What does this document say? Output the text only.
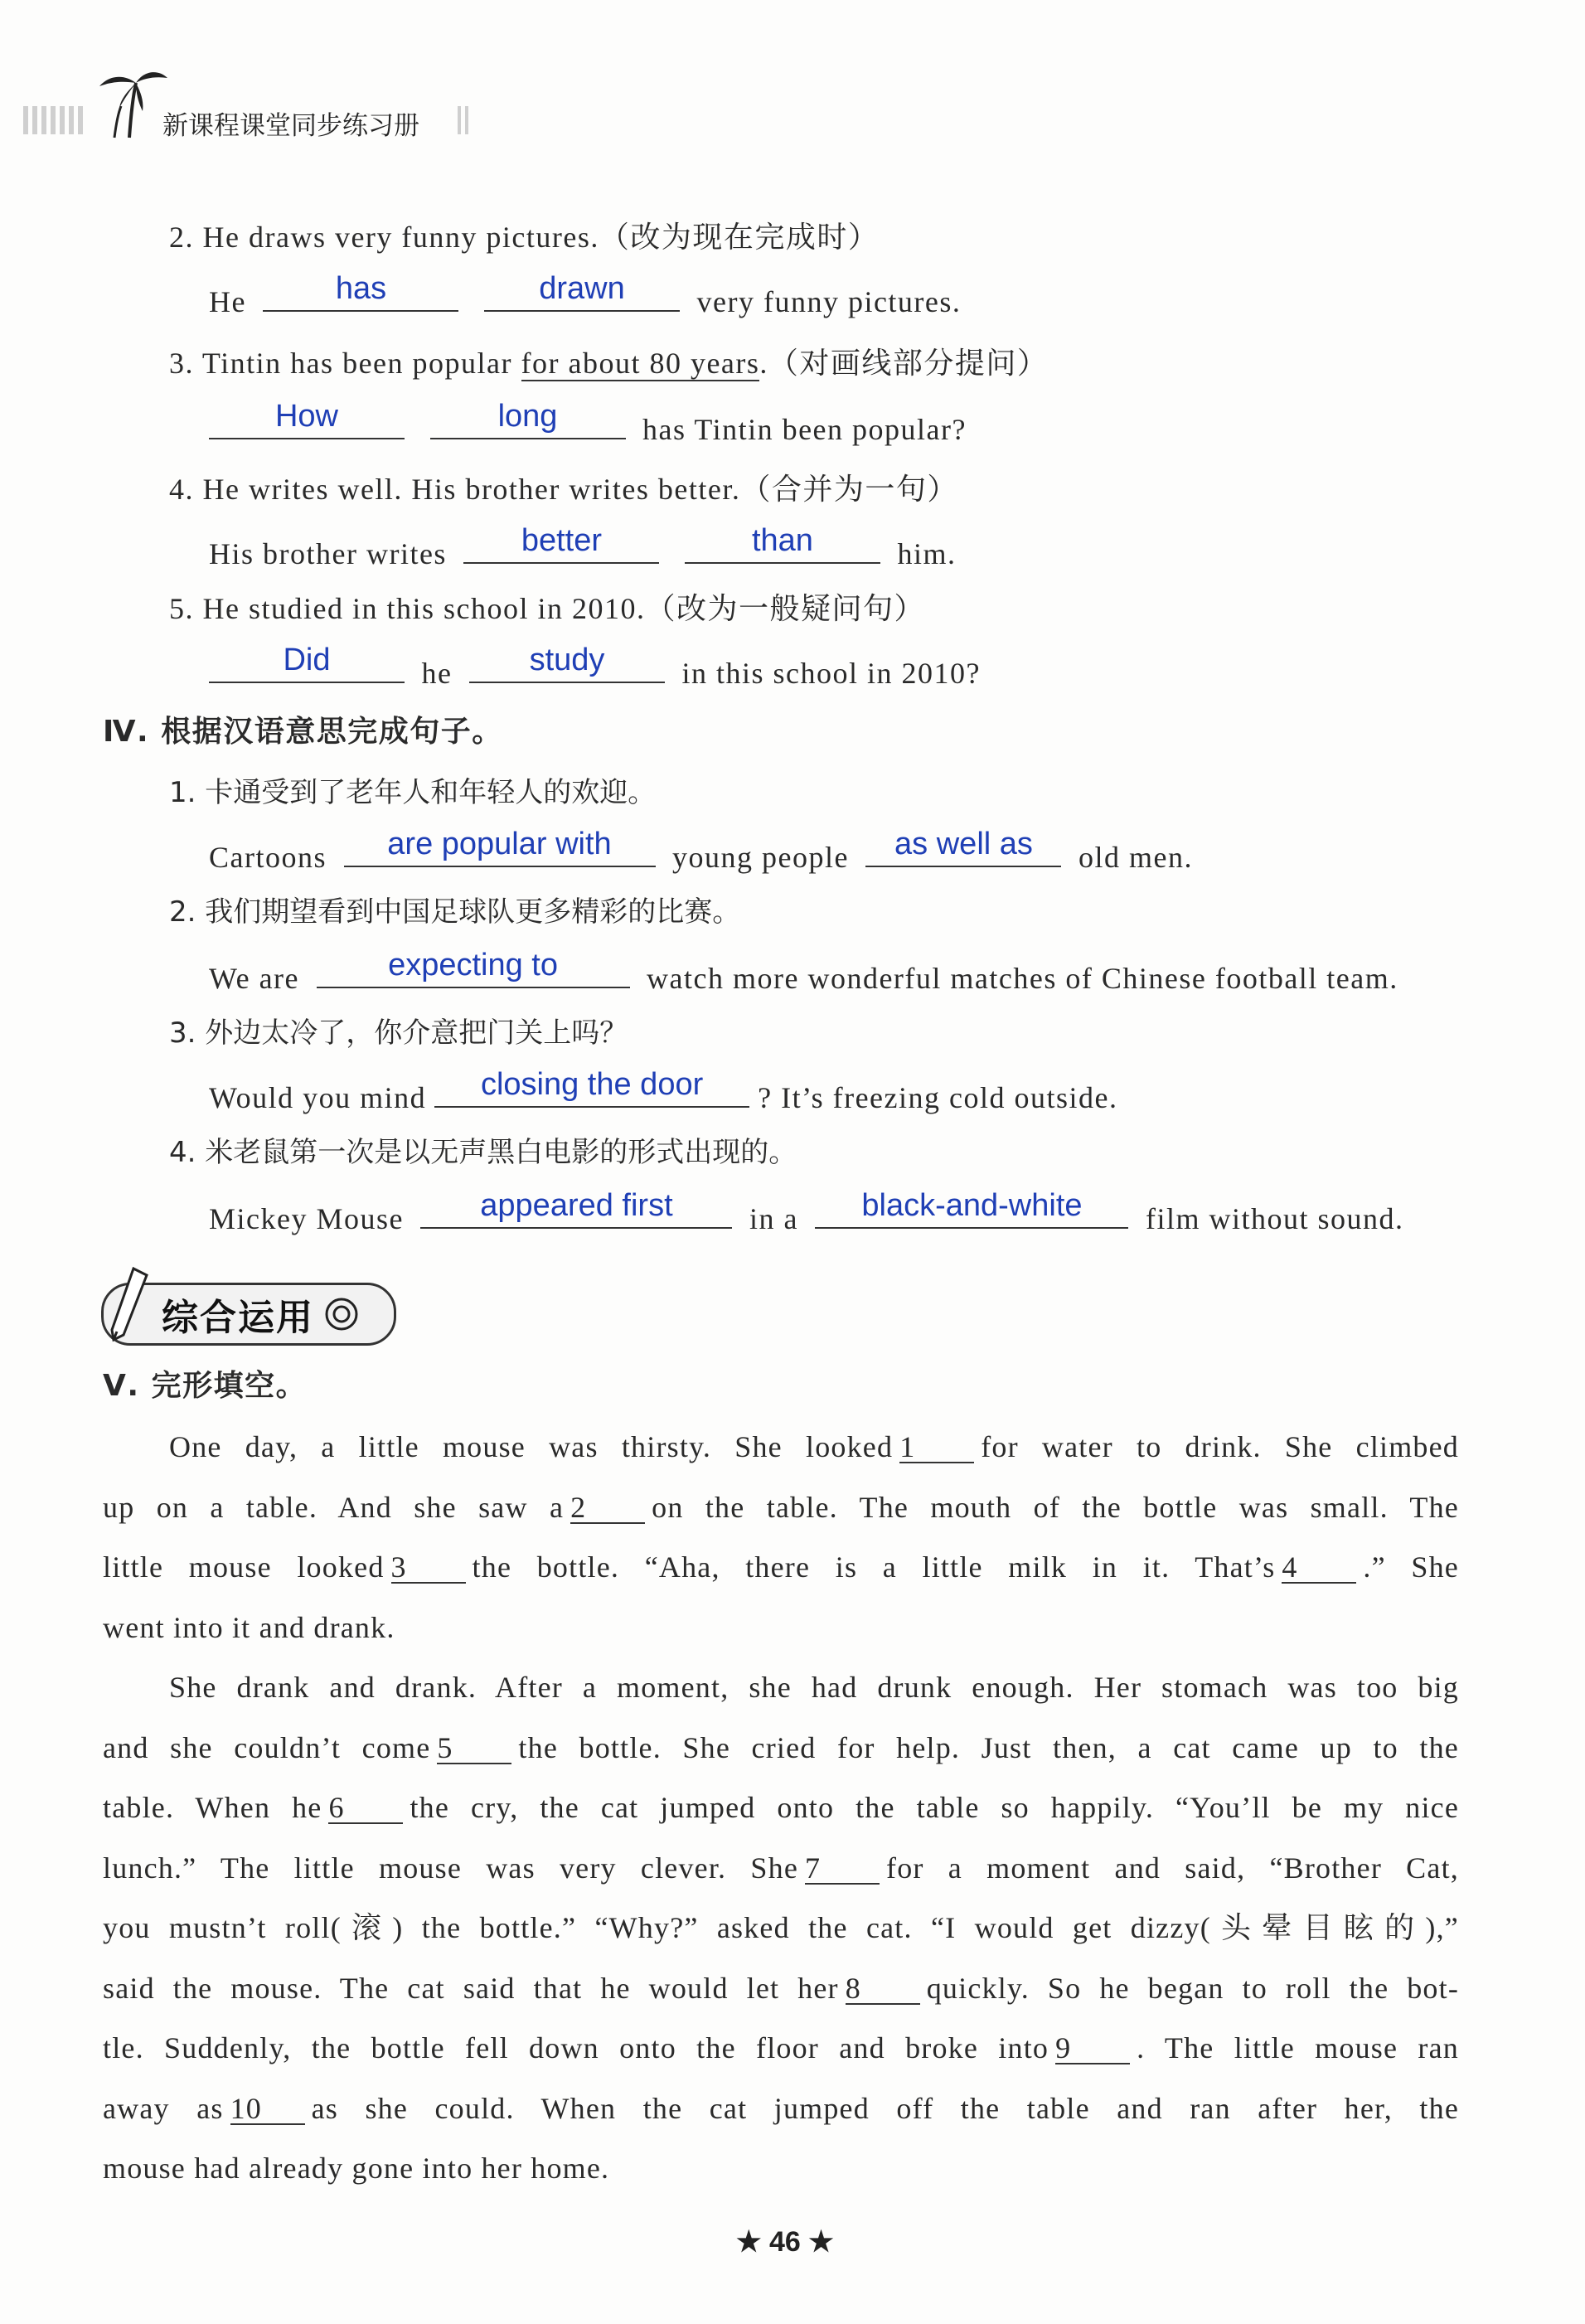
新课程课堂同步练习册
2. He draws very funny pictures.（改为现在完成时）
He	has
	drawn	very funny pictures.
3. Tintin has been popular for about 80 years.（对画线部分提问）
How
	long	has Tintin been popular?
4. He writes well. His brother writes better.（合并为一句）
His brother writes	better
	than	him.
5. He studied in this school in 2010.（改为一般疑问句）
Did	he	study	in this school in 2010?
Ⅳ. 根据汉语意思完成句子。
1. 卡通受到了老年人和年轻人的欢迎。
Cartoons	are popular with	young people	as well as	old men.
2. 我们期望看到中国足球队更多精彩的比赛。
We are	expecting to	watch more wonderful matches of Chinese football team.
3. 外边太冷了，你介意把门关上吗？
Would you mind	closing the door	? It’s freezing cold outside.
4. 米老鼠第一次是以无声黑白电影的形式出现的。
Mickey Mouse	appeared first	in a	black-and-white	film without sound.
综合运用
Ⅴ. 完形填空。
One day, a little mouse was thirsty. She looked 1 for water to drink. She climbed
up on a table. And she saw a 2 on the table. The mouth of the bottle was small. The
little mouse looked 3 the bottle. “Aha, there is a little milk in it. That’s 4 .” She
went into it and drank.
She drank and drank. After a moment, she had drunk enough. Her stomach was too big
and she couldn’t come 5 the bottle. She cried for help. Just then, a cat came up to the
table. When he 6 the cry, the cat jumped onto the table so happily. “You’ll be my nice
lunch.” The little mouse was very clever. She 7 for a moment and said, “Brother Cat,
you mustn’t roll(滚) the bottle.” “Why?” asked the cat. “I would get dizzy(头晕目眩的),”
said the mouse. The cat said that he would let her 8 quickly. So he began to roll the bot-
tle. Suddenly, the bottle fell down onto the floor and broke into 9 . The little mouse ran
away as 10 as she could. When the cat jumped off the table and ran after her, the
mouse had already gone into her home.
★ 46 ★
